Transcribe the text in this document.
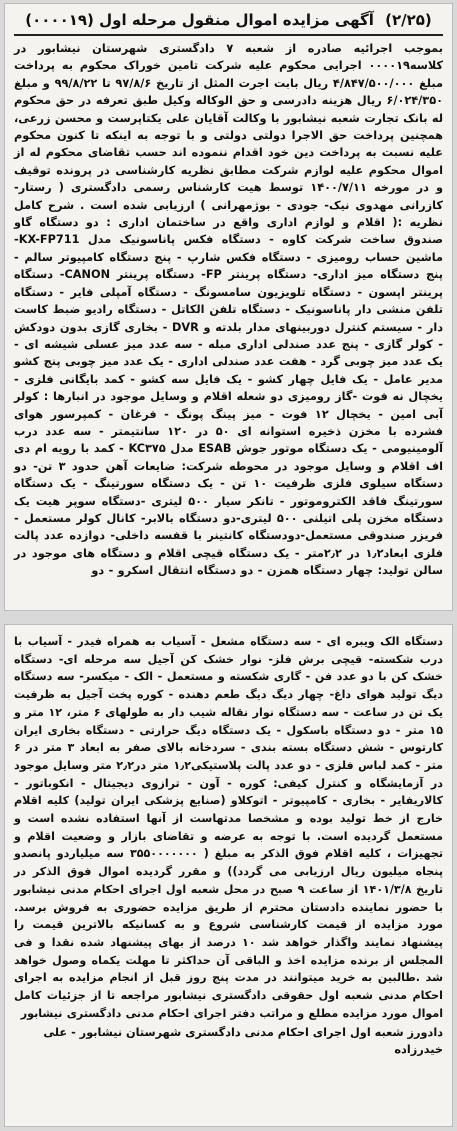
(۲/۲۵) آگهی مزایده اموال منقول مرحله اول (۰۰۰۰۱۹)

بموجب اجرائیه صادره از شعبه ۷ دادگستری شهرستان نیشابور در کلاسه۰۰۰۰۱۹ اجرایی محکوم علیه شرکت تامین خوراک محکوم به پرداخت مبلغ ۴/۸۴۷/۵۰۰/۰۰۰ ریال بابت اجرت المثل از تاریخ ۹۷/۸/۶ تا ۹۹/۸/۲۲ و مبلغ ۶/۰۲۴/۳۵۰ ریال هزینه دادرسی و حق الوکاله وکیل طبق تعرفه در حق محکوم له بانک تجارت شعبه نیشابور با وکالت آقایان علی یکتاپرست و محسن زرعی، همچنین پرداخت حق الاجرا دولتی دولتی و با توجه به اینکه تا کنون محکوم علیه نسبت به پرداخت دین خود اقدام ننموده اند حسب تقاضای محکوم له از اموال محکوم علیه لوازم شرکت مطابق نظریه کارشناسی در پرونده توقیف و در مورخه ۱۴۰۰/۷/۱۱ توسط هیت کارشناس رسمی دادگستری ( رستار-کازرانی مهدوی نیک- جودی - بوژمهرانی ) ارزیابی شده است . شرح کامل نظریه :( اقلام و لوازم اداری واقع در ساختمان اداری : دو دستگاه گاو صندوق ساخت شرکت کاوه - دستگاه فکس پاناسونیک مدل KX-FP711- ماشین حساب رومیزی - دستگاه فکس شارپ - پنج دستگاه کامپیوتر سالم - پنج دستگاه میز اداری- دستگاه پرینتر FP- دستگاه پرینتر CANON- دستگاه پرینتر اپسون - دستگاه تلویزیون سامسونگ - دستگاه آمپلی فایر - دستگاه تلفن منشی دار پاناسونیک - دستگاه تلفن الکاتل - دستگاه رادیو ضبط کاست دار - سیستم کنترل دوربینهای مدار بلدته و DVR - بخاری گازی بدون دودکش - کولر گازی - پنج عدد صندلی اداری مبله - سه عدد میز عسلی شیشه ای - یک عدد میز چوبی گرد - هفت عدد صندلی اداری - یک عدد میز چوبی پنج کشو مدیر عامل - یک فایل چهار کشو - یک فایل سه کشو - کمد بایگانی فلزی - یخچال نه فوت -گاز رومیزی دو شعله اقلام و وسایل موجود در انبارها : کولر آبی امین - یخچال ۱۲ فوت - میز پینگ پونگ - فرغان - کمپرسور هوای فشرده با مخزن ذخیره استوانه ای ۵۰ در ۱۲۰ سانتیمتر - سه عدد درب آلومینیومی - یک دستگاه موتور جوش ESAB مدل KC۳۷۵ - کمد با رویه ام دی اف اقلام و وسایل موجود در محوطه شرکت: ضایعات آهن حدود ۳ تن- دو دستگاه سیلوی فلزی ظرفیت ۱۰ تن - یک دستگاه سورتینگ - یک دستگاه سورتینگ فاقد الکتروموتور - تانکر سیار ۵۰۰ لیتری -دستگاه سوپر هیت یک دستگاه مخزن پلی اتیلنی ۵۰۰ لیتری-دو دستگاه بالابر- کانال کولر مستعمل - فریزر صندوقی مستعمل-دودستگاه کانتینر با قفسه داخلی- دوازده عدد پالت فلزی ابعاد۱٫۲ در ۲٫۲متر - یک دستگاه قیچی اقلام و دستگاه های موجود در سالن تولید: چهار دستگاه همزن - دو دستگاه انتقال اسکرو - دو

دستگاه الک ویبره ای - سه دستگاه مشعل - آسیاب به همراه فیدر - آسیاب با درب شکسته- قیچی برش فلز- نوار خشک کن آجیل سه مرحله ای- دستگاه خشک کن با دو عدد فن - گاری شکسته و مستعمل - الک - میکسر- سه دستگاه دیگ تولید هوای داغ- چهار دیگ دیگ طعم دهنده - کوره پخت آجیل به ظرفیت یک تن در ساعت - سه دستگاه نوار نقاله شیب دار به طولهای ۶ متر، ۱۲ متر و ۱۵ متر - دو دستگاه باسکول - یک دستگاه دیگ حرارتی - دستگاه بخاری ایران کارتوس - شش دستگاه بسته بندی - سردخانه بالای صفر به ابعاد ۳ متر در ۶ متر - کمد لباس فلزی - دو عدد پالت پلاستیکی۱٫۲ متر در۲٫۲ متر وسایل موجود در آزمایشگاه و کنترل کیفی: کوره - آون - ترازوی دیجیتال - انکوباتور - کالاریفایر - بخاری - کامپیوتر - اتوکلاو (صنایع پزشکی ایران تولید) کلیه اقلام خارج از خط تولید بوده و مشخصا مدتهاست از آنها استفاده نشده است و مستعمل گردیده است. با توجه به عرضه و تقاضای بازار و وضعیت اقلام و تجهیزات ، کلیه اقلام فوق الذکر به مبلغ ( ۳۵۵۰۰۰۰۰۰۰ سه میلیاردو پانصدو پنجاه میلیون ریال ارزیابی می گردد)) و مقرر گردیده اموال فوق الذکر در تاریخ ۱۴۰۱/۳/۸ از ساعت ۹ صبح در محل شعبه اول اجرای احکام مدنی نیشابور با حضور نماینده دادستان محترم از طریق مزایده حضوری به فروش برسد. مورد مزایده از قیمت کارشناسی شروع و به کسانیکه بالاترین قیمت را پیشنهاد نمایند واگذار خواهد شد ۱۰ درصد از بهای پیشنهاد شده نقدا و فی المجلس از برنده مزایده اخذ و الباقی آن حداکثر تا مهلت یکماه وصول خواهد شد .طالبین به خرید میتوانند در مدت پنج روز قبل از انجام مزایده به اجرای احکام مدنی شعبه اول حقوقی دادگستری نیشابور مراجعه تا از جزئیات کامل اموال مورد مزایده مطلع و مراتب دفتر اجرای احکام مدنی دادگستری نیشابور

دادورز شعبه اول اجرای احکام مدنی دادگستری شهرستان نیشابور - علی خیدرزاده
